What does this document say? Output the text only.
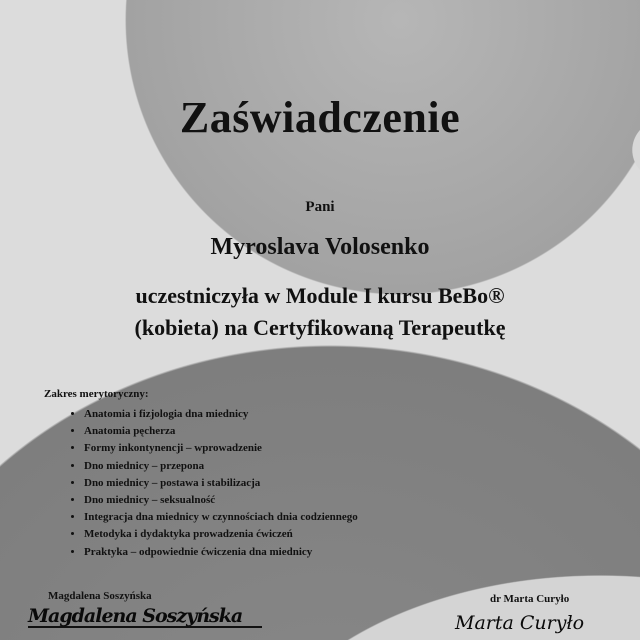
Zaświadczenie
Pani
Myroslava Volosenko
uczestniczyła w Module I kursu BeBo®
(kobieta) na Certyfikowaną Terapeutkę
Zakres merytoryczny:
• Anatomia i fizjologia dna miednicy
• Anatomia pęcherza
• Formy inkontynencji – wprowadzenie
• Dno miednicy – przepona
• Dno miednicy – postawa i stabilizacja
• Dno miednicy – seksualność
• Integracja dna miednicy w czynnościach dnia codziennego
• Metodyka i dydaktyka prowadzenia ćwiczeń
• Praktyka – odpowiednie ćwiczenia dna miednicy
Magdalena Soszyńska
Magdalena Soszyńska
dr Marta Curyło
Marta Curyło
